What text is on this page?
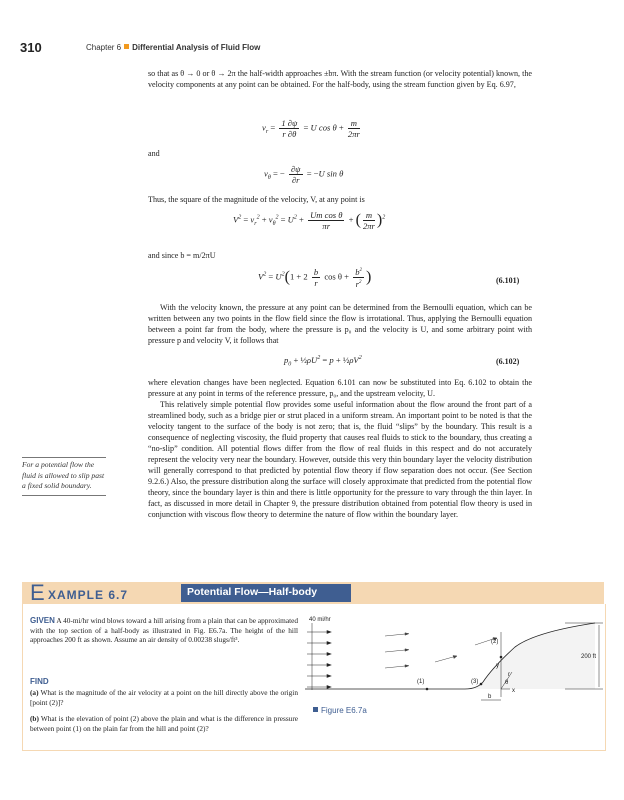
310	Chapter 6 Differential Analysis of Fluid Flow
so that as θ → 0 or θ → 2π the half-width approaches ±bπ. With the stream function (or velocity potential) known, the velocity components at any point can be obtained. For the half-body, using the stream function given by Eq. 6.97,
$v_r = \frac{1 \partial\psi}{r \partial\theta} = U$ $\cos \theta + \frac{m}{2\pi r}$
and
$v_\theta$ = − $\frac{\partial\psi}{\partial r} = -U$ sin θ
Thus, the square of the magnitude of the velocity, V, at any point is
$V^2 = v_r^2 + v_\theta^2 = U^2 + \frac{\text{Um cos θ}}{\pi r}$ + ( $\frac{m}{2\pi r} )^2$
and since b = m/2πU
$V^2 = U^2(1 + 2 \frac{b}{r}$ $\cos \theta + \frac{b^2}{r^2}$ )	(6.101)
With the velocity known, the pressure at any point can be determined from the Bernoulli equation, which can be written between any two points in the flow field since the flow is irrotational. Thus, applying the Bernoulli equation between a point far from the body, where the pressure is p₀ and the velocity is U, and some arbitrary point with pressure p and velocity V, it follows that
$p_0$ + $\frac{1}{2}\rho U^2 = p$ + $\frac{1}{2}\rho V^2$	(6.102)
where elevation changes have been neglected. Equation 6.101 can now be substituted into Eq. 6.102 to obtain the pressure at any point in terms of the reference pressure, p₀, and the upstream velocity, U.
This relatively simple potential flow provides some useful information about the flow around the front part of a streamlined body, such as a bridge pier or strut placed in a uniform stream. An important point to be noted is that the velocity tangent to the surface of the body is not zero; that is, the fluid “slips” by the boundary. This result is a consequence of neglecting viscosity, the fluid property that causes real fluids to stick to the boundary, thus creating a “no-slip” condition. All potential flows differ from the flow of real fluids in this respect and do not accurately represent the velocity very near the boundary. However, outside this very thin boundary layer the velocity distribution will generally correspond to that predicted by potential flow theory if flow separation does not occur. (See Section 9.2.6.) Also, the pressure distribution along the surface will closely approximate that predicted from the potential flow theory, since the boundary layer is thin and there is little opportunity for the pressure to vary through the thin layer. In fact, as discussed in more detail in Chapter 9, the pressure distribution obtained from potential flow theory is used in conjunction with viscous flow theory to determine the nature of flow within the boundary layer.
For a potential flow the fluid is allowed to slip past a fixed solid boundary.
E XAMPLE 6.7	Potential Flow—Half-body
GIVEN A 40-mi/hr wind blows toward a hill arising from a plain that can be approximated with the top section of a half-body as illustrated in Fig. E6.7a. The height of the hill approaches 200 ft as shown. Assume an air density of 0.00238 slugs/ft³.
FIND
(a) What is the magnitude of the air velocity at a point on the hill directly above the origin [point (2)]?
(b) What is the elevation of point (2) above the plain and what is the difference in pressure between point (1) on the plain far from the hill and point (2)?
40 mi/hr
(2)
(1)	(3)
r
θ
y
x
b
200 ft
Figure E6.7a
